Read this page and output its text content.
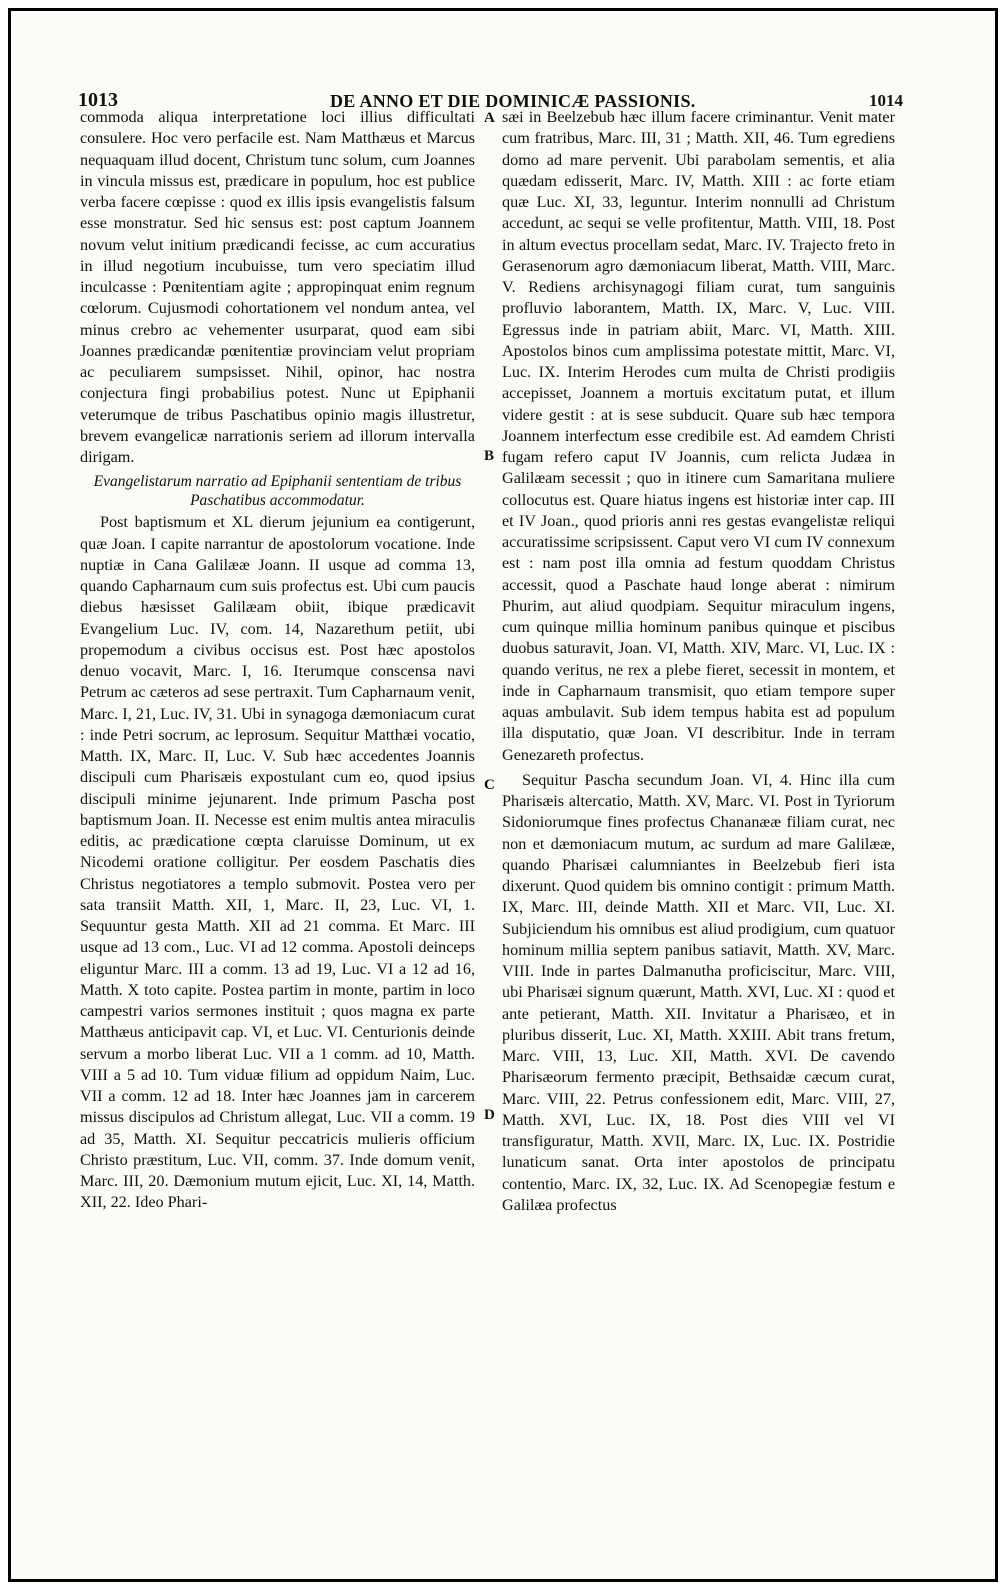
1013	DE ANNO ET DIE DOMINICÆ PASSIONIS.	1014

commoda aliqua interpretatione loci illius difficultati consulere. Hoc vero perfacile est. Nam Matthæus et Marcus nequaquam illud docent, Christum tunc solum, cum Joannes in vincula missus est, prædicare in populum, hoc est publice verba facere cœpisse : quod ex illis ipsis evangelistis falsum esse monstratur. Sed hic sensus est: post captum Joannem novum velut initium prædicandi fecisse, ac cum accuratius in illud negotium incubuisse, tum vero speciatim illud inculcasse : Pœnitentiam agite ; appropinquat enim regnum cœlorum. Cujusmodi cohortationem vel nondum antea, vel minus crebro ac vehementer usurparat, quod eam sibi Joannes prædicandæ pœnitentiæ provinciam velut propriam ac peculiarem sumpsisset. Nihil, opinor, hac nostra conjectura fingi probabilius potest. Nunc ut Epiphanii veterumque de tribus Paschatibus opinio magis illustretur, brevem evangelicæ narrationis seriem ad illorum intervalla dirigam.

Evangelistarum narratio ad Epiphanii sententiam de tribus Paschatibus accommodatur.

Post baptismum et XL dierum jejunium ea contigerunt, quæ Joan. I capite narrantur de apostolorum vocatione. Inde nuptiæ in Cana Galilææ Joann. II usque ad comma 13, quando Capharnaum cum suis profectus est. Ubi cum paucis diebus hæsisset Galilæam obiit, ibique prædicavit Evangelium Luc. IV, com. 14, Nazarethum petiit, ubi propemodum a civibus occisus est. Post hæc apostolos denuo vocavit, Marc. I, 16. Iterumque conscensa navi Petrum ac cæteros ad sese pertraxit. Tum Capharnaum venit, Marc. I, 21, Luc. IV, 31. Ubi in synagoga dæmoniacum curat : inde Petri socrum, ac leprosum. Sequitur Matthæi vocatio, Matth. IX, Marc. II, Luc. V. Sub hæc accedentes Joannis discipuli cum Pharisæis expostulant cum eo, quod ipsius discipuli minime jejunarent. Inde primum Pascha post baptismum Joan. II. Necesse est enim multis antea miraculis editis, ac prædicatione cœpta claruisse Dominum, ut ex Nicodemi oratione colligitur. Per eosdem Paschatis dies Christus negotiatores a templo submovit. Postea vero per sata transiit Matth. XII, 1, Marc. II, 23, Luc. VI, 1. Sequuntur gesta Matth. XII ad 21 comma. Et Marc. III usque ad 13 com., Luc. VI ad 12 comma. Apostoli deinceps eliguntur Marc. III a comm. 13 ad 19, Luc. VI a 12 ad 16, Matth. X toto capite. Postea partim in monte, partim in loco campestri varios sermones instituit ; quos magna ex parte Matthæus anticipavit cap. VI, et Luc. VI. Centurionis deinde servum a morbo liberat Luc. VII a 1 comm. ad 10, Matth. VIII a 5 ad 10. Tum viduæ filium ad oppidum Naim, Luc. VII a comm. 12 ad 18. Inter hæc Joannes jam in carcerem missus discipulos ad Christum allegat, Luc. VII a comm. 19 ad 35, Matth. XI. Sequitur peccatricis mulieris officium Christo præstitum, Luc. VII, comm. 37. Inde domum venit, Marc. III, 20. Dæmonium mutum ejicit, Luc. XI, 14, Matth. XII, 22. Ideo Phari-

sæi in Beelzebub hæc illum facere criminantur. Venit mater cum fratribus, Marc. III, 31 ; Matth. XII, 46. Tum egrediens domo ad mare pervenit. Ubi parabolam sementis, et alia quædam edisserit, Marc. IV, Matth. XIII : ac forte etiam quæ Luc. XI, 33, leguntur. Interim nonnulli ad Christum accedunt, ac sequi se velle profitentur, Matth. VIII, 18. Post in altum evectus procellam sedat, Marc. IV. Trajecto freto in Gerasenorum agro dæmoniacum liberat, Matth. VIII, Marc. V. Rediens archisynagogi filiam curat, tum sanguinis profluvio laborantem, Matth. IX, Marc. V, Luc. VIII. Egressus inde in patriam abiit, Marc. VI, Matth. XIII. Apostolos binos cum amplissima potestate mittit, Marc. VI, Luc. IX. Interim Herodes cum multa de Christi prodigiis accepisset, Joannem a mortuis excitatum putat, et illum videre gestit : at is sese subducit. Quare sub hæc tempora Joannem interfectum esse credibile est. Ad eamdem Christi fugam refero caput IV Joannis, cum relicta Judæa in Galilæam secessit ; quo in itinere cum Samaritana muliere collocutus est. Quare hiatus ingens est historiæ inter cap. III et IV Joan., quod prioris anni res gestas evangelistæ reliqui accuratissime scripsissent. Caput vero VI cum IV connexum est : nam post illa omnia ad festum quoddam Christus accessit, quod a Paschate haud longe aberat : nimirum Phurim, aut aliud quodpiam. Sequitur miraculum ingens, cum quinque millia hominum panibus quinque et piscibus duobus saturavit, Joan. VI, Matth. XIV, Marc. VI, Luc. IX : quando veritus, ne rex a plebe fieret, secessit in montem, et inde in Capharnaum transmisit, quo etiam tempore super aquas ambulavit. Sub idem tempus habita est ad populum illa disputatio, quæ Joan. VI describitur. Inde in terram Genezareth profectus.

Sequitur Pascha secundum Joan. VI, 4. Hinc illa cum Pharisæis altercatio, Matth. XV, Marc. VI. Post in Tyriorum Sidoniorumque fines profectus Chananææ filiam curat, nec non et dæmoniacum mutum, ac surdum ad mare Galilææ, quando Pharisæi calumniantes in Beelzebub fieri ista dixerunt. Quod quidem bis omnino contigit : primum Matth. IX, Marc. III, deinde Matth. XII et Marc. VII, Luc. XI. Subjiciendum his omnibus est aliud prodigium, cum quatuor hominum millia septem panibus satiavit, Matth. XV, Marc. VIII. Inde in partes Dalmanutha proficiscitur, Marc. VIII, ubi Pharisæi signum quærunt, Matth. XVI, Luc. XI : quod et ante petierant, Matth. XII. Invitatur a Pharisæo, et in pluribus disserit, Luc. XI, Matth. XXIII. Abit trans fretum, Marc. VIII, 13, Luc. XII, Matth. XVI. De cavendo Pharisæorum fermento præcipit, Bethsaidæ cæcum curat, Marc. VIII, 22. Petrus confessionem edit, Marc. VIII, 27, Matth. XVI, Luc. IX, 18. Post dies VIII vel VI transfiguratur, Matth. XVII, Marc. IX, Luc. IX. Postridie lunaticum sanat. Orta inter apostolos de principatu contentio, Marc. IX, 32, Luc. IX. Ad Scenopegiæ festum e Galilæa profectus

A
B
C
D
